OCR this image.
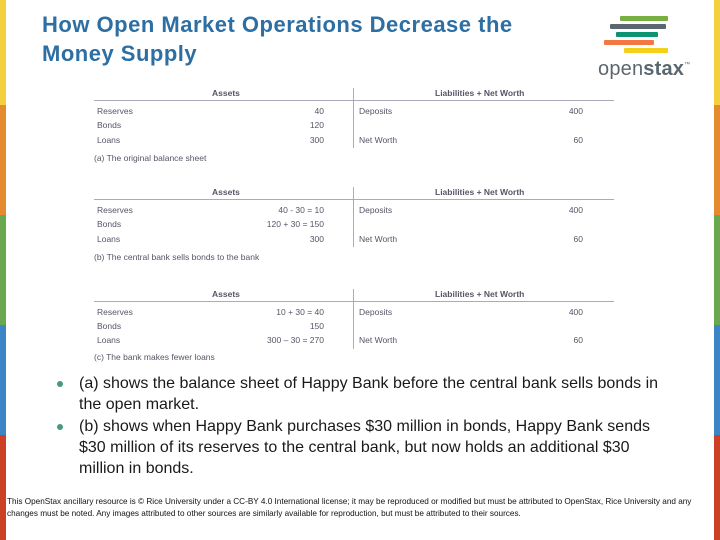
How Open Market Operations Decrease the Money Supply
openstax™
Assets	Liabilities + Net Worth
Reserves	40	Deposits	400
Bonds	120
Loans	300	Net Worth	60
(a) The original balance sheet
Assets	Liabilities + Net Worth
Reserves	40 - 30 = 10	Deposits	400
Bonds	120 + 30 = 150
Loans	300	Net Worth	60
(b) The central bank sells bonds to the bank
Assets	Liabilities + Net Worth
Reserves	10 + 30 = 40	Deposits	400
Bonds	150
Loans	300 – 30 = 270	Net Worth	60
(c) The bank makes fewer loans
(a) shows the balance sheet of Happy Bank before the central bank sells bonds in the open market.
(b) shows when Happy Bank purchases $30 million in bonds, Happy Bank sends $30 million of its reserves to the central bank, but now holds an additional $30 million in bonds.
This OpenStax ancillary resource is © Rice University under a CC-BY 4.0 International license; it may be reproduced or modified but must be attributed to OpenStax, Rice University and any changes must be noted. Any images attributed to other sources are similarly available for reproduction, but must be attributed to their sources.
